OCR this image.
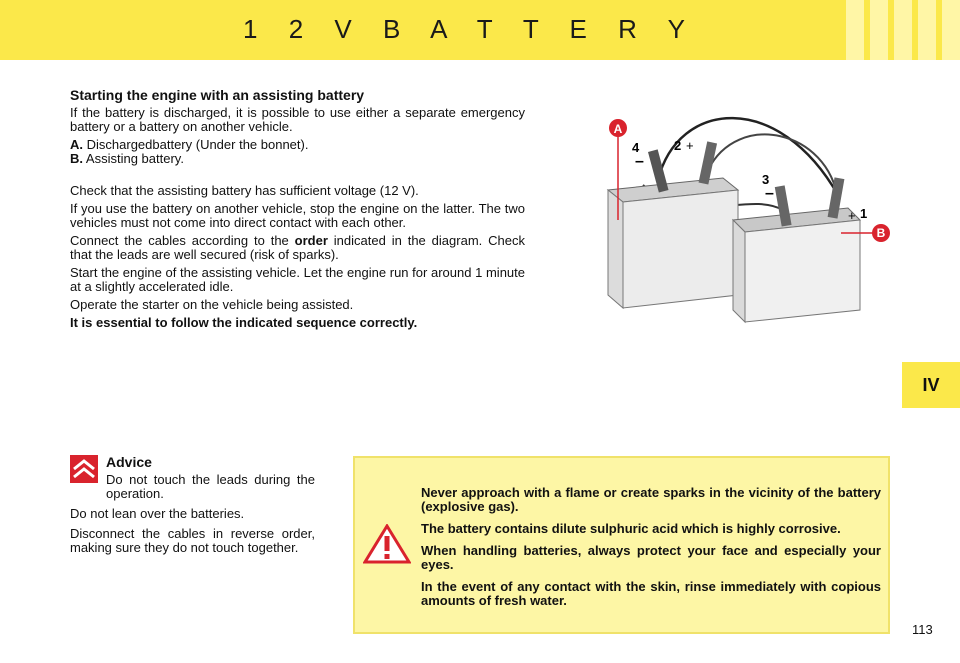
1 2 V B A T T E R Y
IV
Starting the engine with an assisting battery

If the battery is discharged, it is possible to use either a separate emergency battery or a battery on another vehicle.

A. Dischargedbattery (Under the bonnet).

B. Assisting battery.

Check that the assisting battery has sufficient voltage (12 V).

If you use the battery on another vehicle, stop the engine on the latter. The two vehicles must not come into direct contact with each other.

Connect the cables according to the order indicated in the diagram. Check that the leads are well secured (risk of sparks).

Start the engine of the assisting vehicle. Let the engine run for around 1 minute at a slightly accelerated idle.

Operate the starter on the vehicle being assisted.

It is essential to follow the indicated sequence correctly.

A
4
–
2 +
3
–
+ 1
B
Advice

Do not touch the leads during the operation.

Do not lean over the batteries.

Disconnect the cables in reverse order, making sure they do not touch together.

Never approach with a flame or create sparks in the vicinity of the battery (explosive gas).

The battery contains dilute sulphuric acid which is highly corrosive.

When handling batteries, always protect your face and especially your eyes.

In the event of any contact with the skin, rinse immediately with copious amounts of fresh water.

113
